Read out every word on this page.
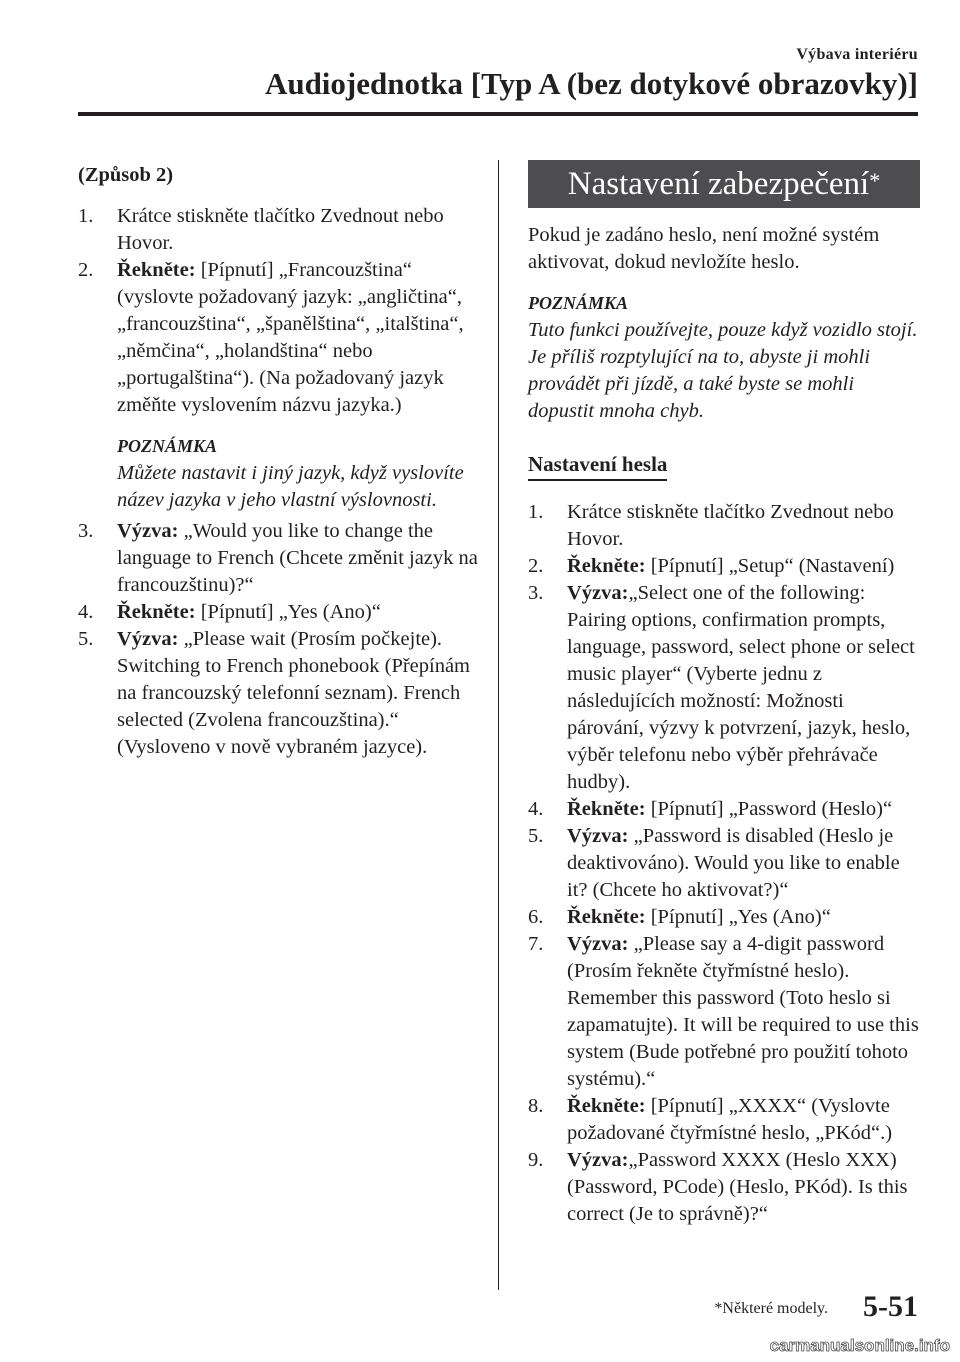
Výbava interiéru
Audiojednotka [Typ A (bez dotykové obrazovky)]
(Způsob 2)
1. Krátce stiskněte tlačítko Zvednout nebo Hovor.
2. Řekněte: [Pípnutí] „Francouzština“ (vyslovte požadovaný jazyk: „angličtina“, „francouzština“, „španělština“, „italština“, „němčina“, „holandština“ nebo „portugalština“). (Na požadovaný jazyk změňte vyslovením názvu jazyka.)
POZNÁMKA
Můžete nastavit i jiný jazyk, když vyslovíte název jazyka v jeho vlastní výslovnosti.
3. Výzva: „Would you like to change the language to French (Chcete změnit jazyk na francouzštinu)?“
4. Řekněte: [Pípnutí] „Yes (Ano)“
5. Výzva: „Please wait (Prosím počkejte). Switching to French phonebook (Přepínám na francouzský telefonní seznam). French selected (Zvolena francouzština).“ (Vysloveno v nově vybraném jazyce).
Nastavení zabezpečení*
Pokud je zadáno heslo, není možné systém aktivovat, dokud nevložíte heslo.
POZNÁMKA
Tuto funkci používejte, pouze když vozidlo stojí. Je příliš rozptylující na to, abyste ji mohli provádět při jízdě, a také byste se mohli dopustit mnoha chyb.
Nastavení hesla
1. Krátce stiskněte tlačítko Zvednout nebo Hovor.
2. Řekněte: [Pípnutí] „Setup“ (Nastavení)
3. Výzva:„Select one of the following: Pairing options, confirmation prompts, language, password, select phone or select music player“ (Vyberte jednu z následujících možností: Možnosti párování, výzvy k potvrzení, jazyk, heslo, výběr telefonu nebo výběr přehrávače hudby).
4. Řekněte: [Pípnutí] „Password (Heslo)“
5. Výzva: „Password is disabled (Heslo je deaktivováno). Would you like to enable it? (Chcete ho aktivovat?)“
6. Řekněte: [Pípnutí] „Yes (Ano)“
7. Výzva: „Please say a 4-digit password (Prosím řekněte čtyřmístné heslo). Remember this password (Toto heslo si zapamatujte). It will be required to use this system (Bude potřebné pro použití tohoto systému).“
8. Řekněte: [Pípnutí] „XXXX“ (Vyslovte požadované čtyřmístné heslo, „PKód“.)
9. Výzva:„Password XXXX (Heslo XXX) (Password, PCode) (Heslo, PKód). Is this correct (Je to správně)?“
*Některé modely. 5-51
carmanualsonline.info
